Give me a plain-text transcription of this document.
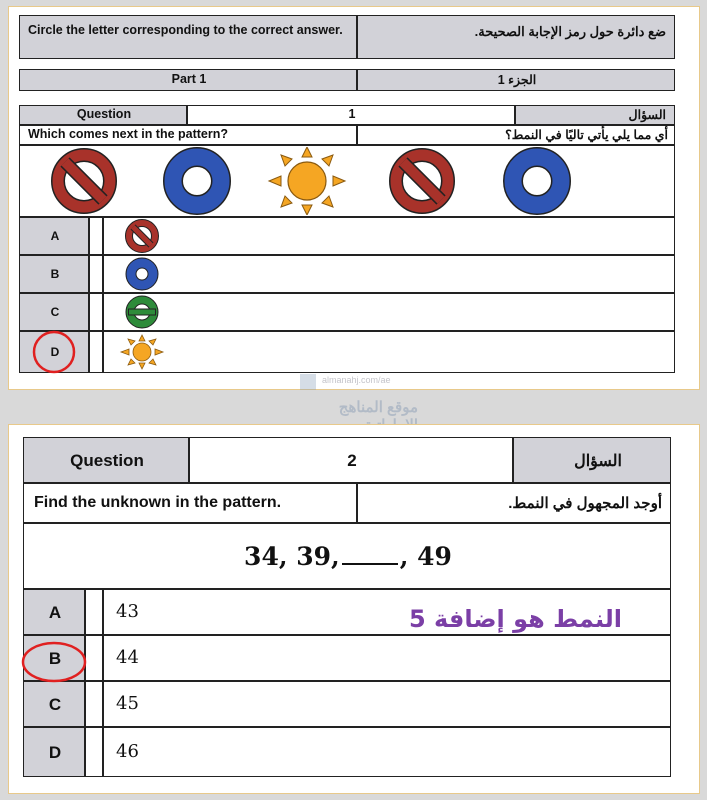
Circle the letter corresponding to the correct answer.	ضع دائرة حول رمز الإجابة الصحيحة.
Part 1	الجزء 1
Question	1	السؤال
Which comes next in the pattern?	أي مما يلي يأتي تاليًا في النمط؟
A
B
C
D
almanahj.com/ae
موقع المناهج
Question	2	السؤال
Find the unknown in the pattern.	أوجد المجهول في النمط.
34, 39, , 49
A	43
B	44
C	45
D	46
النمط هو إضافة 5
